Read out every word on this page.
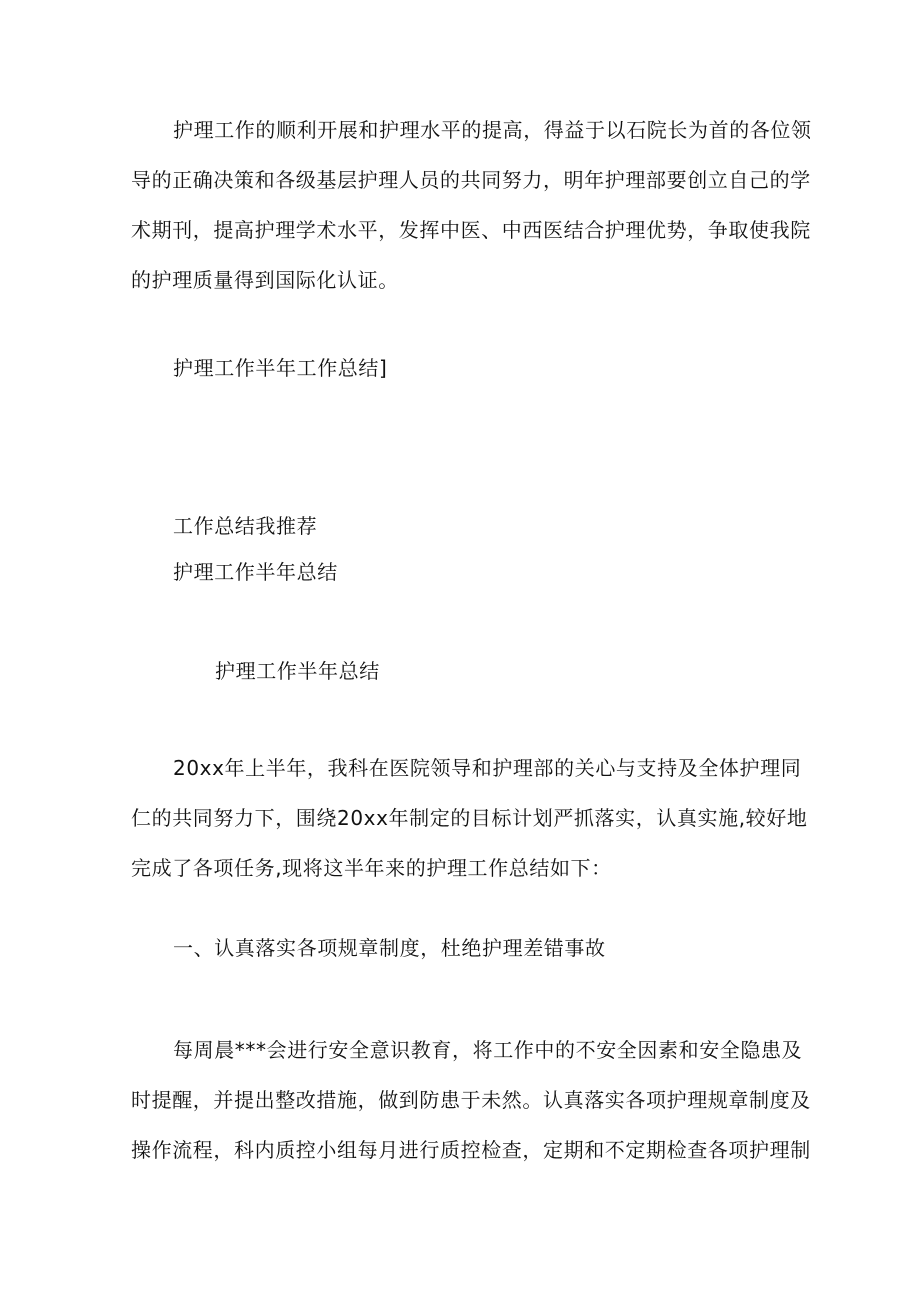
护理工作的顺利开展和护理水平的提高，得益于以石院长为首的各位领
导的正确决策和各级基层护理人员的共同努力，明年护理部要创立自己的学
术期刊，提高护理学术水平，发挥中医、中西医结合护理优势，争取使我院
的护理质量得到国际化认证。
护理工作半年工作总结]
工作总结我推荐
护理工作半年总结
护理工作半年总结
20xx年上半年，我科在医院领导和护理部的关心与支持及全体护理同
仁的共同努力下，围绕20xx年制定的目标计划严抓落实，认真实施,较好地
完成了各项任务,现将这半年来的护理工作总结如下：
一、认真落实各项规章制度，杜绝护理差错事故
每周晨***会进行安全意识教育，将工作中的不安全因素和安全隐患及
时提醒，并提出整改措施，做到防患于未然。认真落实各项护理规章制度及
操作流程，科内质控小组每月进行质控检查，定期和不定期检查各项护理制
